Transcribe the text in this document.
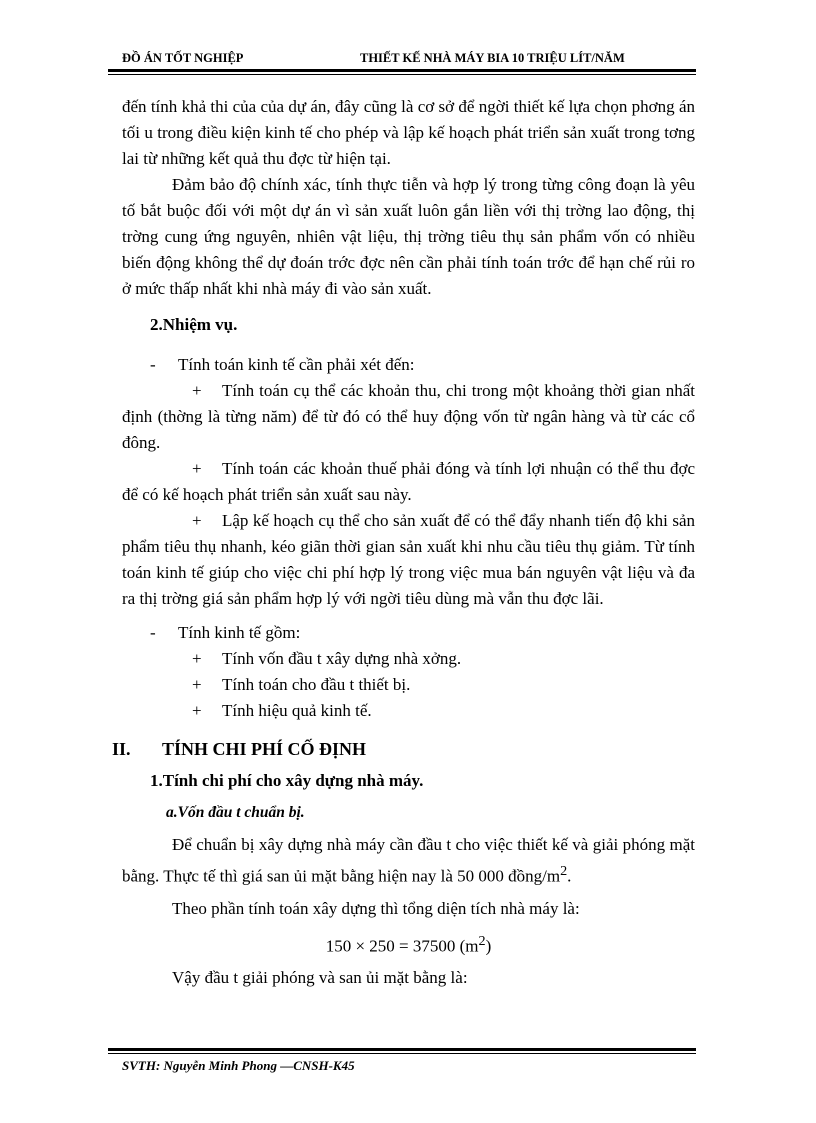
ĐỒ ÁN TỐT NGHIỆP	THIẾT KẾ NHÀ MÁY BIA 10 TRIỆU LÍT/NĂM

đến tính khả thi của của dự án, đây cũng là cơ sở để ngời thiết kế lựa chọn phơng án tối u trong điều kiện kinh tế cho phép và lập kế hoạch phát triển sản xuất trong tơng lai từ những kết quả thu đợc từ hiện tại.

Đảm bảo độ chính xác, tính thực tiễn và hợp lý trong từng công đoạn là yêu tố bắt buộc đối với một dự án vì sản xuất luôn gắn liền với thị trờng lao động, thị trờng cung ứng nguyên, nhiên vật liệu, thị trờng tiêu thụ sản phẩm vốn có nhiều biến động không thể dự đoán trớc đợc nên cần phải tính toán trớc để hạn chế rủi ro ở mức thấp nhất khi nhà máy đi vào sản xuất.

2.Nhiệm vụ.

- Tính toán kinh tế cần phải xét đến:

+ Tính toán cụ thể các khoản thu, chi trong một khoảng thời gian nhất định (thờng là từng năm) để từ đó có thể huy động vốn từ ngân hàng và từ các cổ đông.

+ Tính toán các khoản thuế phải đóng và tính lợi nhuận có thể thu đợc để có kế hoạch phát triển sản xuất sau này.

+ Lập kế hoạch cụ thể cho sản xuất để có thể đẩy nhanh tiến độ khi sản phẩm tiêu thụ nhanh, kéo giãn thời gian sản xuất khi nhu cầu tiêu thụ giảm. Từ tính toán kinh tế giúp cho việc chi phí hợp lý trong việc mua bán nguyên vật liệu và đa ra thị trờng giá sản phẩm hợp lý với ngời tiêu dùng mà vẫn thu đợc lãi.

- Tính kinh tế gồm:

+ Tính vốn đầu t xây dựng nhà xởng.

+ Tính toán cho đầu t thiết bị.

+ Tính hiệu quả kinh tế.

II. TÍNH CHI PHÍ CỐ ĐỊNH
1.Tính chi phí cho xây dựng nhà máy.
a.Vốn đầu t chuẩn bị.

Để chuẩn bị xây dựng nhà máy cần đầu t cho việc thiết kế và giải phóng mặt bằng. Thực tế thì giá san ủi mặt bằng hiện nay là 50 000 đồng/$m^2$.

Theo phần tính toán xây dựng thì tổng diện tích nhà máy là:

150 × 250 = 37500 $(m^2)$

Vậy đầu t giải phóng và san ủi mặt bằng là:

SVTH: Nguyễn Minh Phong —CNSH-K45
